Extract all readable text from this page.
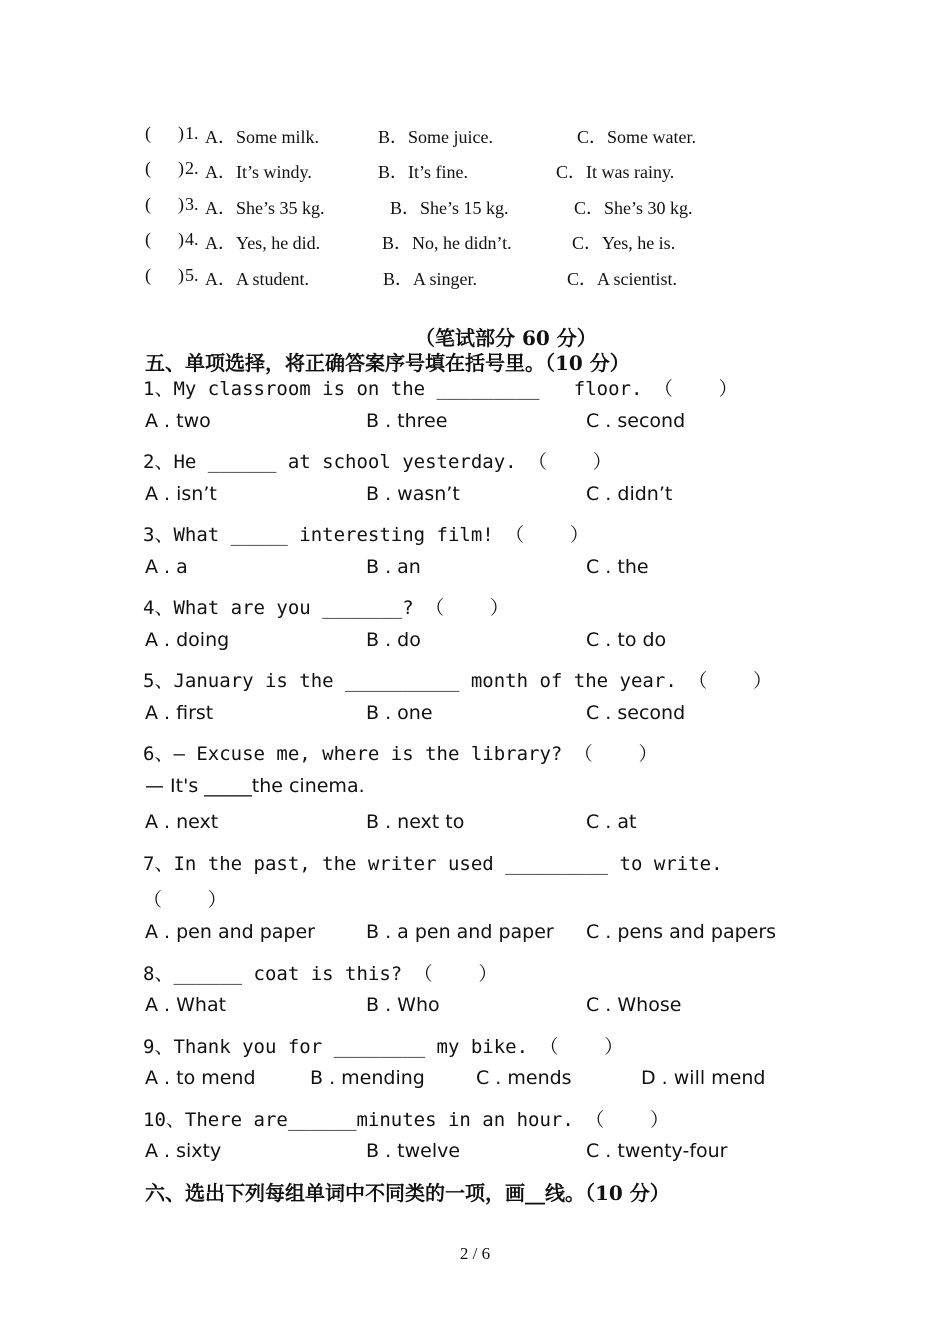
(      ) 1. A．Some milk.	B．Some juice.	C．Some water.
(      ) 2. A．It’s windy.	B．It’s fine.	C．It was rainy.
(      ) 3. A．She’s 35 kg.	B．She’s 15 kg.	C．She’s 30 kg.
(      ) 4. A．Yes, he did.	B．No, he didn’t.	C．Yes, he is.
(      ) 5. A．A student.	B．A singer.	C．A scientist.
（笔试部分 60 分）
五、单项选择，将正确答案序号填在括号里。（10 分）
1、My classroom is on the _________   floor. （    ）
A . two	B . three	C . second
2、He ______ at school yesterday. （    ）
A . isn’t	B . wasn’t	C . didn’t
3、What _____ interesting film! （    ）
A . a	B . an	C . the
4、What are you _______? （    ）
A . doing	B . do	C . to do
5、January is the __________ month of the year. （    ）
A . first	B . one	C . second
6、— Excuse me, where is the library? （    ）
— It's _____the cinema.
A . next	B . next to	C . at
7、In the past, the writer used _________ to write.
（    ）
A . pen and paper	B . a pen and paper C . pens and papers
8、______ coat is this? （    ）
A . What	B . Who	C . Whose
9、Thank you for ________ my bike. （    ）
A . to mend	B . mending	C . mends	D . will mend
10、There are______minutes in an hour. （    ）
A . sixty	B . twelve	C . twenty-four
六、选出下列每组单词中不同类的一项，画__线。（10 分）
2 / 6
